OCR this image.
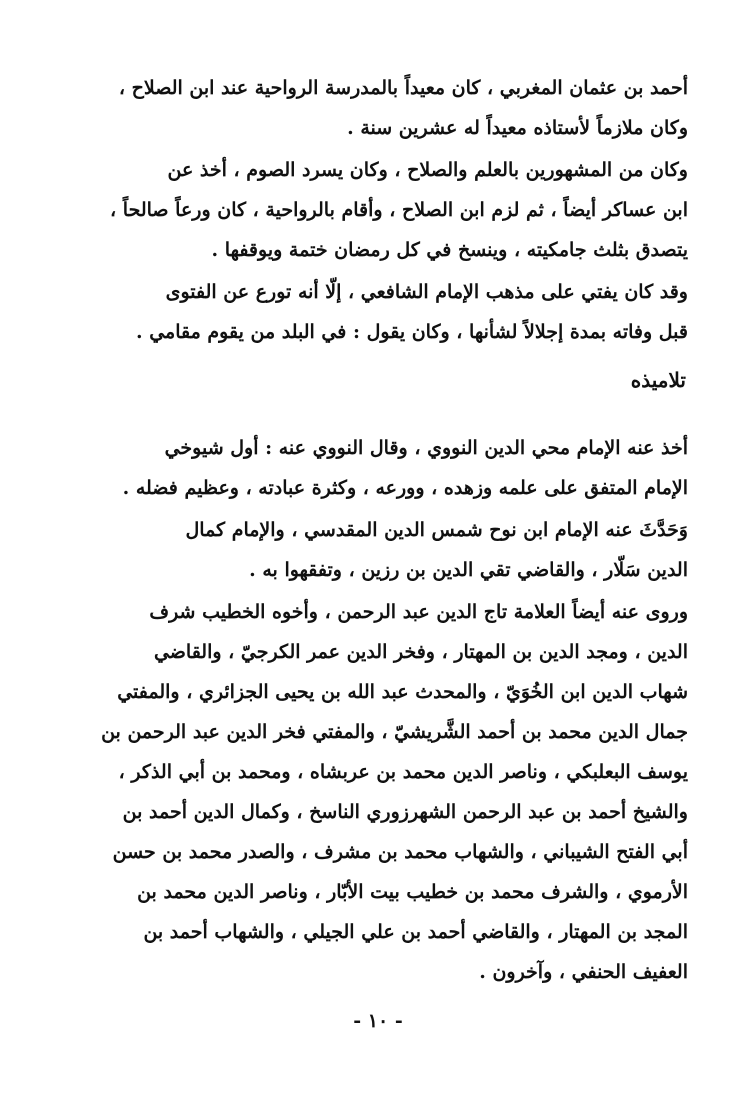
أحمد بن عثمان المغربي ، كان معيداً بالمدرسة الرواحية عند ابن الصلاح ،
وكان ملازماً لأستاذه معيداً له عشرين سنة .
وكان من المشهورين بالعلم والصلاح ، وكان يسرد الصوم ، أخذ عن
ابن عساكر أيضاً ، ثم لزم ابن الصلاح ، وأقام بالرواحية ، كان ورعاً صالحاً ،
يتصدق بثلث جامكيته ، وينسخ في كل رمضان ختمة ويوقفها .
وقد كان يفتي على مذهب الإمام الشافعي ، إلّا أنه تورع عن الفتوى
قبل وفاته بمدة إجلالاً لشأنها ، وكان يقول : في البلد من يقوم مقامي .
تلاميذه
أخذ عنه الإمام محي الدين النووي ، وقال النووي عنه : أول شيوخي
الإمام المتفق على علمه وزهده ، وورعه ، وكثرة عبادته ، وعظيم فضله .
وَحَدَّثَ عنه الإمام ابن نوح شمس الدين المقدسي ، والإمام كمال
الدين سَلّار ، والقاضي تقي الدين بن رزين ، وتفقهوا به .
وروى عنه أيضاً العلامة تاج الدين عبد الرحمن ، وأخوه الخطيب شرف
الدين ، ومجد الدين بن المهتار ، وفخر الدين عمر الكرجيّ ، والقاضي
شهاب الدين ابن الخُوَيّ ، والمحدث عبد الله بن يحيى الجزائري ، والمفتي
جمال الدين محمد بن أحمد الشَّريشيّ ، والمفتي فخر الدين عبد الرحمن بن
يوسف البعلبكي ، وناصر الدين محمد بن عربشاه ، ومحمد بن أبي الذكر ،
والشيخ أحمد بن عبد الرحمن الشهرزوري الناسخ ، وكمال الدين أحمد بن
أبي الفتح الشيباني ، والشهاب محمد بن مشرف ، والصدر محمد بن حسن
الأرموي ، والشرف محمد بن خطيب بيت الأبّار ، وناصر الدين محمد بن
المجد بن المهتار ، والقاضي أحمد بن علي الجيلي ، والشهاب أحمد بن
العفيف الحنفي ، وآخرون .
- ١٠ -
